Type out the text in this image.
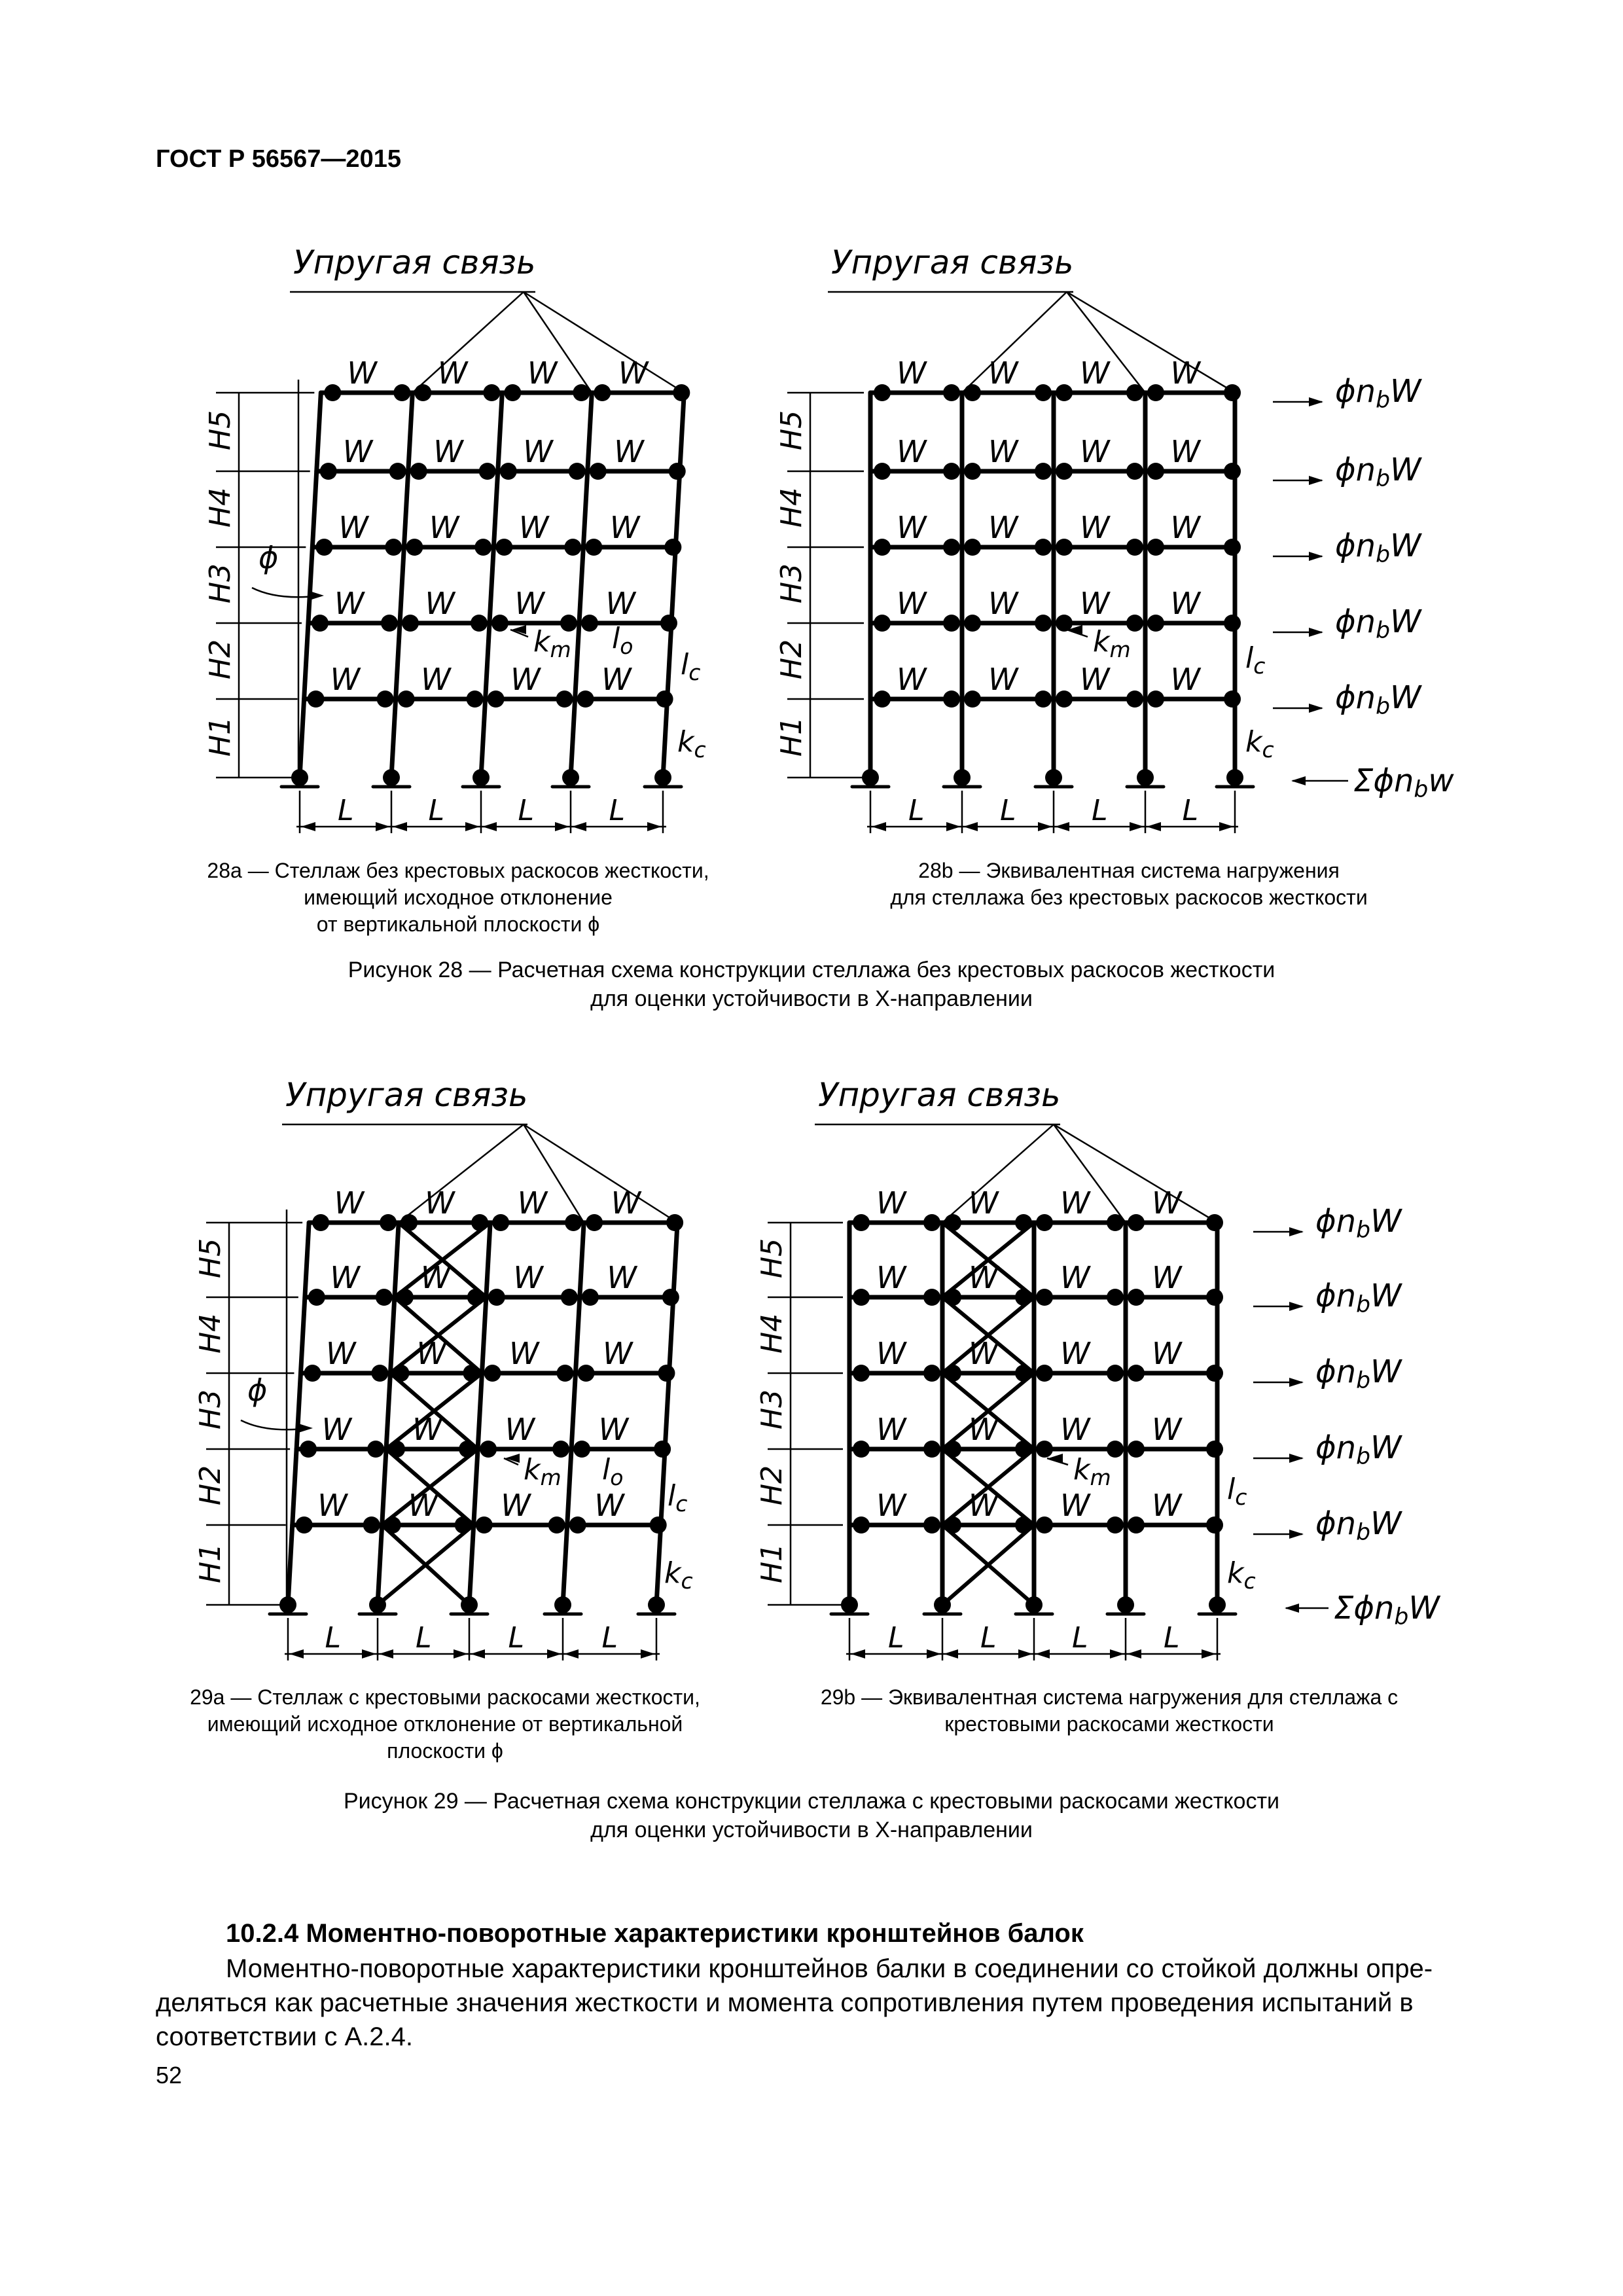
ГОСТ Р 56567—2015
Упругая связь
W W W W
W W W W
W W W W
W W W W
W W W W
L	L	L	L
H5
H4
H3
H2
H1
ϕ
$k_m$ $l_o$
$l_c$
$k_c$
Упругая связь
W W W W
W W W W
W W W W
W W W W
W W W W
L	L	L	L
H5
H4
H3
H2
H1
$k_m$	$l_c$
$k_c$
ϕnbW
ϕnbW
ϕnbW
ϕnbW
ϕnbW
Σϕnbᴡ
Упругая связь
W W W W
W W W W
W W W W
W W W W
W W W W
L	L	L	L
H5
H4
H3
H2
H1
ϕ
$k_m$ $l_o$
$l_c$
$k_c$
Упругая связь
W W W W
W W W W
W W W W
W W W W
W W W W
L	L	L	L
H5
H4
H3
H2
H1
$k_m$	$l_c$
$k_c$
ϕnbW
ϕnbW
ϕnbW
ϕnbW
ϕnbW
ΣϕnbW

28a — Стеллаж без крестовых раскосов жесткости,

имеющий исходное отклонение

от вертикальной плоскости ϕ

28b — Эквивалентная система нагружения

для стеллажа без крестовых раскосов жесткости

Рисунок 28 — Расчетная схема конструкции стеллажа без крестовых раскосов жесткости

для оценки устойчивости в X-направлении

29a — Стеллаж с крестовыми раскосами жесткости,

имеющий исходное отклонение от вертикальной

плоскости ϕ

29b — Эквивалентная система нагружения для стеллажа с

крестовыми раскосами жесткости

Рисунок 29 — Расчетная схема конструкции стеллажа с крестовыми раскосами жесткости

для оценки устойчивости в X-направлении

10.2.4 Моментно-поворотные характеристики кронштейнов балок

Моментно-поворотные характеристики кронштейнов балки в соединении со стойкой должны опре-

деляться как расчетные значения жесткости и момента сопротивления путем проведения испытаний в

соответствии с А.2.4.

52
